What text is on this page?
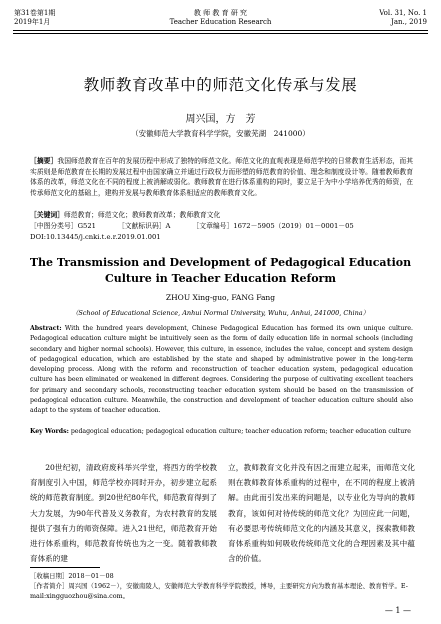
第31卷第1期
2019年1月
教 师 教 育 研 究
Teacher Education Research
Vol. 31, No. 1
Jan., 2019
教师教育改革中的师范文化传承与发展
周兴国，方　芳
（安徽师范大学教育科学学院，安徽芜湖　241000）
［摘要］我国师范教育在百年的发展历程中形成了独特的师范文化。师范文化的直观表现是师范学校的日常教育生活形态，而其实质则是师范教育在长期的发展过程中由国家确立并通过行政权力而形塑的师范教育的价值、理念和制度设计等。随着教师教育体系的改革，师范文化在不同的程度上被消解或弱化。教师教育在进行体系重构的同时，要立足于为中小学培养优秀的师资，在传承师范文化的基础上，建构并发展与教师教育体系相适应的教师教育文化。
［关键词］师范教育；师范文化；教师教育改革；教师教育文化
［中图分类号］G521	［文献标识码］A	［文章编号］1672－5905（2019）01－0001－05
DOI:10.13445/j.cnki.t.e.r.2019.01.001
The Transmission and Development of Pedagogical Education Culture in Teacher Education Reform
ZHOU Xing-guo, FANG Fang
（School of Educational Science, Anhui Normal University, Wuhu, Anhui, 241000, China）
Abstract: With the hundred years development, Chinese Pedagogical Education has formed its own unique culture. Pedagogical education culture might be intuitively seen as the form of daily education life in normal schools (including secondary and higher normal schools). However, this culture, in essence, includes the value, concept and system design of pedagogical education, which are established by the state and shaped by administrative power in the long-term developing process. Along with the reform and reconstruction of teacher education system, pedagogical education culture has been eliminated or weakened in different degrees. Considering the purpose of cultivating excellent teachers for primary and secondary schools, reconstructing teacher education system should be based on the transmission of pedagogical education culture. Meanwhile, the construction and development of teacher education culture should also adapt to the system of teacher education.
Key Words: pedagogical education; pedagogical education culture; teacher education reform; teacher education culture
20世纪初，清政府废科举兴学堂，将西方的学校教育制度引入中国，师范学校亦同时开办，初步建立起系统的师范教育制度。到20世纪80年代，师范教育得到了大力发展，为90年代普及义务教育，为农村教育的发展提供了强有力的师资保障。进入21世纪，师范教育开始进行体系重构，师范教育传统也为之一变。随着教师教育体系的建
立，教师教育文化并没有因之而建立起来，而师范文化则在教师教育体系重构的过程中，在不同的程度上被消解。由此而引发出来的问题是，以专业化为导向的教师教育，该如何对待传统的师范文化？为回应此一问题，有必要思考传统师范文化的内涵及其意义，探索教师教育体系重构如何吸收传统师范文化的合理因素及其中蕴含的价值。
［收稿日期］2018－01－08
［作者简介］周兴国（1962－），安徽南陵人，安徽师范大学教育科学学院教授，博导，主要研究方向为教育基本理论、教育哲学。E-mail:xingguozhou@sina.com。
— 1 —
